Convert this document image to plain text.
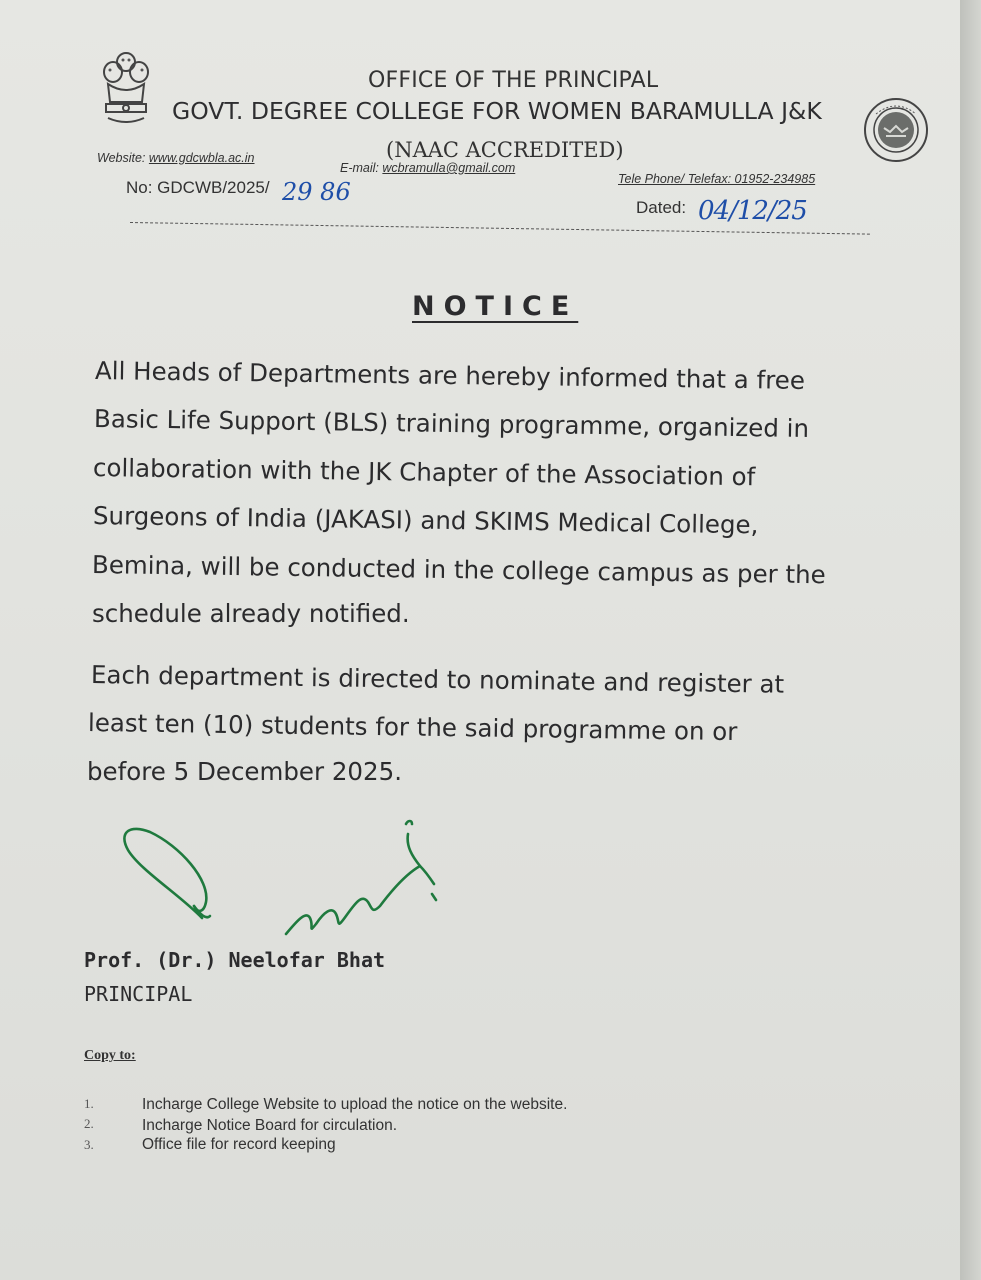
OFFICE OF THE PRINCIPAL
GOVT. DEGREE COLLEGE FOR WOMEN BARAMULLA J&K
(NAAC ACCREDITED)
Website: www.gdcwbla.ac.in
E-mail: wcbramulla@gmail.com
Tele Phone/ Telefax: 01952-234985
No: GDCWB/2025/ 29 86
Dated: 04/12/25
NOTICE
All Heads of Departments are hereby informed that a free
Basic Life Support (BLS) training programme, organized in
collaboration with the JK Chapter of the Association of
Surgeons of India (JAKASI) and SKIMS Medical College,
Bemina, will be conducted in the college campus as per the
schedule already notified.
Each department is directed to nominate and register at
least ten (10) students for the said programme on or
before 5 December 2025.
Prof. (Dr.) Neelofar Bhat
PRINCIPAL
Copy to:
1.	Incharge College Website to upload the notice on the website.
2.	Incharge Notice Board for circulation.
3.	Office file for record keeping
